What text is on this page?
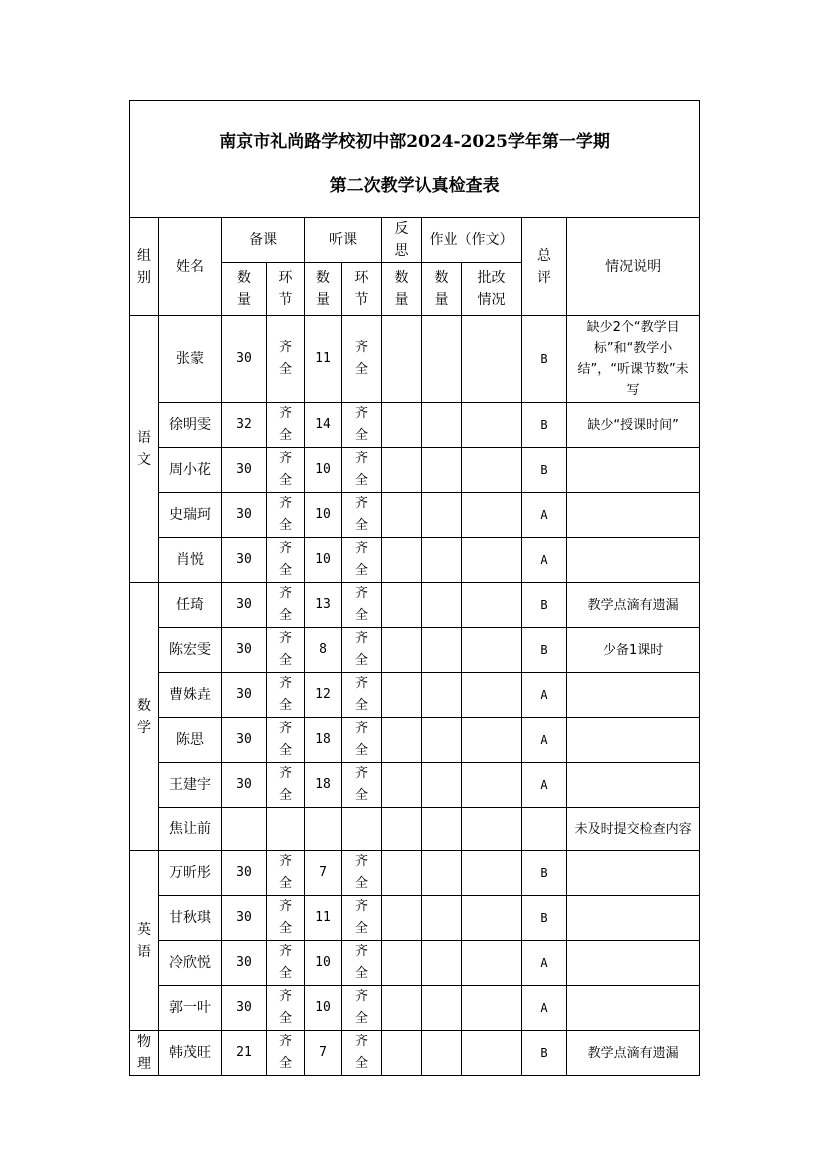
南京市礼尚路学校初中部2024-2025学年第一学期
第二次教学认真检查表										

组别	姓名	备课		听课		反思	作业（作文）		总评	情况说明
		数量	环节	数量	环节	数量	数量	批改情况		
语文	张蒙	30	齐全	11	齐全				B	缺少2个“教学目标”和“教学小结”，“听课节数”未写

	徐明雯	32	齐全	14	齐全				B	缺少“授课时间”

	周小花	30	齐全	10	齐全				B	

	史瑞珂	30	齐全	10	齐全				A	

	肖悦	30	齐全	10	齐全				A	

数学	任琦	30	齐全	13	齐全				B	教学点滴有遗漏

	陈宏雯	30	齐全	8	齐全				B	少备1课时

	曹姝垚	30	齐全	12	齐全				A	

	陈思	30	齐全	18	齐全				A	

	王建宇	30	齐全	18	齐全				A	

	焦让前									未及时提交检查内容

英语	万昕彤	30	齐全	7	齐全				B	

	甘秋琪	30	齐全	11	齐全				B	

	冷欣悦	30	齐全	10	齐全				A	

	郭一叶	30	齐全	10	齐全				A	

物理	韩茂旺	21	齐全	7	齐全				B	教学点滴有遗漏
